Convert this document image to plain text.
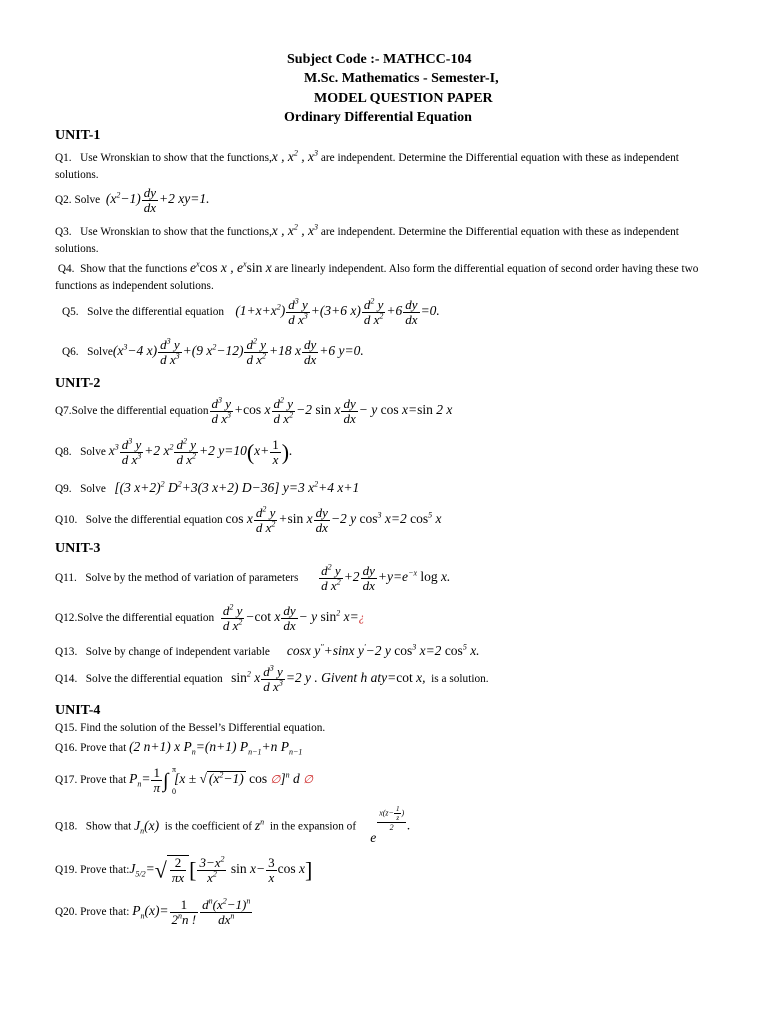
Subject Code :- MATHCC-104
M.Sc. Mathematics - Semester-I,
MODEL QUESTION PAPER
Ordinary Differential Equation
UNIT-1
Q1. Use Wronskian to show that the functions,x , $x^2$ , $x^3$ are independent. Determine the Differential equation with these as independent solutions.
Q2. Solve $(x^2-1) \frac{dy}{dx} +2$ xy=1.
Q3. Use Wronskian to show that the functions,x , $x^2$ , $x^3$ are independent. Determine the Differential equation with these as independent solutions.
Q4. Show that the functions $e^x\cos$ x , $e^x\sin$ x are linearly independent. Also form the differential equation of second order having these two functions as independent solutions.
Q5. Solve the differential equation $(1+x+x^2) \frac{d^3 y}{d x^3} +(3+6$ $x) \frac{d^2 y}{d x^2} +6 \frac{dy}{dx} =0$.
Q6. $Solve(x^3-4$ $x) \frac{d^3 y}{d x^3} +(9$ $x^2-12) \frac{d^2 y}{d x^2} +18$ x $\frac{dy}{dx} +6$ y=0.
UNIT-2
Q7.Solve the differential equation $\frac{d^3 y}{d x^3} +\cos$ x $\frac{d^2 y}{d x^2} -2$ sin x $\frac{dy}{dx} - y$ cos x=sin 2 x
Q8. Solve $x^3 \frac{d^3 y}{d x^3} +2$ $x^2 \frac{d^2 y}{d x^2} +2$ $y=10(x+ \frac{1}{x}$ ).
Q9. Solve [(3 x+2)$^2$ $D^2+3(3$ x+2) D−36] y=3 $x^2+4$ x+1
Q10. Solve the differential equation cos x $\frac{d^2 y}{d x^2} +\sin$ x $\frac{dy}{dx} -2$ y $\cos^3 x=2$ $\cos^5 x$
UNIT-3
Q11. Solve by the method of variation of parameters $\frac{d^2 y}{d x^2} +2 \frac{dy}{dx} +y=e^{-x}$ log x.
Q12.Solve the differential equation $\frac{d^2 y}{d x^2} -\cot$ x $\frac{dy}{dx} - y$ $\sin^2$ x=¿
Q13. Solve by change of independent variable cosx y''+sinx y'−2 y $\cos^3 x=2$ $\cos^5 x$.
Q14. Solve the differential equation $\sin^2 x \frac{d^3 y}{d x^3} =2$ y . Givent h aty=cot x, is a solution.
UNIT-4
Q15. Find the solution of the Bessel’s Differential equation.
Q16. Prove that (2 n+1) x $P_n=(n+1)$ $P_{n-1}+n$ $P_{n-1}$
Q17. Prove that $P_n= \frac{1}{\pi}$ ∫
π
0
[x ± √ $(x^2-1)$ cos ∅]$^n$ d ∅
Q18. Show that $J_n(x)$ is the coefficient of $z^n$ in the expansion of     e
$\frac{x(z- \frac{1}{z} )}{2}$ .
Q19. Prove $that:J_{5/2}=√ \frac{2}{\pi x}$ [ $\frac{3-x^2}{x^2}$ $\sin x- \frac{3}{x}$ cos x]
Q20. Prove that: $P_n(x)= \frac{1}{2^nn !} \frac{d^n(x^2-1)^n}{dx^n}$
